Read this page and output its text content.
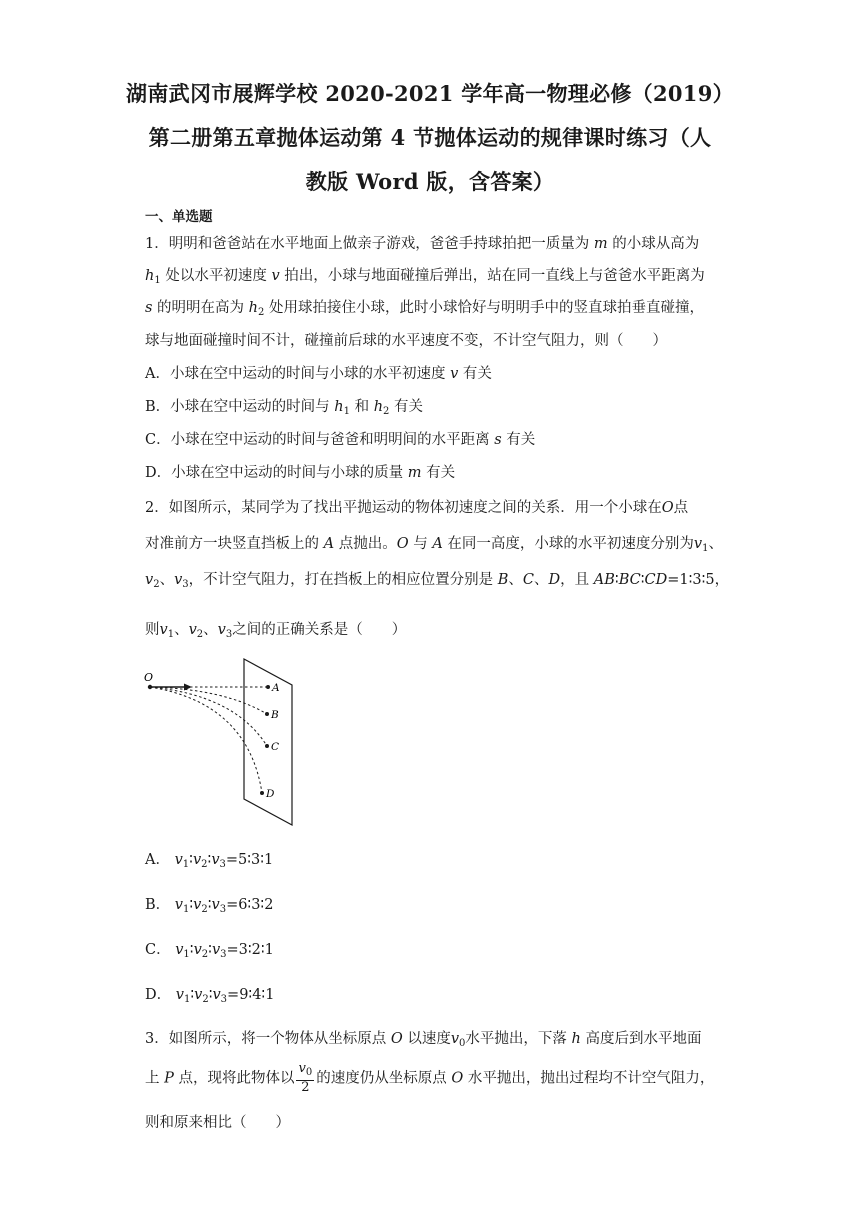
湖南武冈市展辉学校 2020-2021 学年高一物理必修（2019）
第二册第五章抛体运动第 4 节抛体运动的规律课时练习（人
教版 Word 版，含答案）
一、单选题
1．明明和爸爸站在水平地面上做亲子游戏，爸爸手持球拍把一质量为 m 的小球从高为
$h_1$ 处以水平初速度 v 拍出，小球与地面碰撞后弹出，站在同一直线上与爸爸水平距离为
s 的明明在高为 $h_2$ 处用球拍接住小球，此时小球恰好与明明手中的竖直球拍垂直碰撞，
球与地面碰撞时间不计，碰撞前后球的水平速度不变，不计空气阻力，则（　　）
A．小球在空中运动的时间与小球的水平初速度 v 有关
B．小球在空中运动的时间与 $h_1$ 和 $h_2$ 有关
C．小球在空中运动的时间与爸爸和明明间的水平距离 s 有关
D．小球在空中运动的时间与小球的质量 m 有关
2．如图所示，某同学为了找出平抛运动的物体初速度之间的关系．用一个小球在O点
对准前方一块竖直挡板上的 A 点抛出。O 与 A 在同一高度，小球的水平初速度分别为$v_1$、
$v_2$、$v_3$，不计空气阻力，打在挡板上的相应位置分别是 B、C、D，且 AB∶BC∶CD=1∶3∶5，
则$v_1$、$v_2$、$v_3$之间的正确关系是（　　）
O
A
B
C
D
A． $v_1∶v_2∶v_3=5∶3∶1$
B． $v_1∶v_2∶v_3=6∶3∶2$
C． $v_1∶v_2∶v_3=3∶2∶1$
D． $v_1∶v_2∶v_3=9∶4∶1$
3．如图所示，将一个物体从坐标原点 O 以速度$v_0$水平抛出，下落 h 高度后到水平地面
上 P 点，现将此物体以 $\frac{v_0}{2}$ 的速度仍从坐标原点 O 水平抛出，抛出过程均不计空气阻力，
则和原来相比（　　）
